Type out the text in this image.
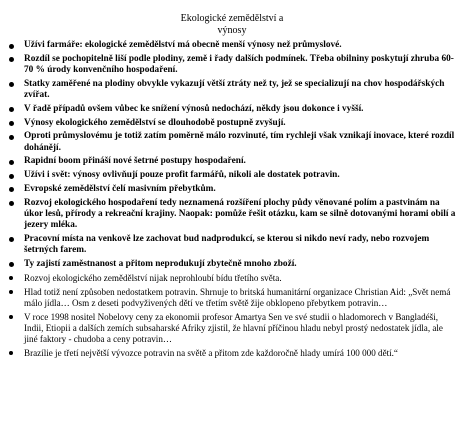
Ekologické zemědělství a
výnosy
Užívi farmáře: ekologické zemědělství má obecně menší výnosy než průmyslové.
Rozdíl se pochopitelně liší podle plodiny, země i řady dalších podmínek. Třeba obilniny poskytují zhruba 60-70 % úrody konvenčního hospodaření.
Statky zaměřené na plodiny obvykle vykazují větší ztráty než ty, jež se specializují na chov hospodářských zvířat.
V řadě případů ovšem vůbec ke snížení výnosů nedochází, někdy jsou dokonce i vyšší.
Výnosy ekologického zemědělství se dlouhodobě postupně zvyšují.
Oproti průmyslovému je totiž zatím poměrně málo rozvinuté, tím rychleji však vznikají inovace, které rozdíl dohánějí.
Rapidní boom přináší nové šetrné postupy hospodaření.
Užívi i svět: výnosy ovlivňují pouze profit farmářů, nikoli ale dostatek potravin.
Evropské zemědělství čelí masivním přebytkům.
Rozvoj ekologického hospodaření tedy neznamená rozšíření plochy půdy věnované polím a pastvinám na úkor lesů, přírody a rekreační krajiny. Naopak: pomůže řešit otázku, kam se silně dotovanými horami obilí a jezery mléka.
Pracovní místa na venkově lze zachovat bud nadprodukcí, se kterou si nikdo neví rady, nebo rozvojem šetrných farem.
Ty zajistí zaměstnanost a přitom neprodukují zbytečně mnoho zboží.
Rozvoj ekologického zemědělství nijak neprohloubí bídu třetího světa.
Hlad totiž není způsoben nedostatkem potravin. Shrnuje to britská humanitární organizace Christian Aid: „Svět nemá málo jídla… Osm z deseti podvyživených dětí ve třetím světě žije obklopeno přebytkem potravin…
V roce 1998 nositel Nobelovy ceny za ekonomii profesor Amartya Sen ve své studii o hladomorech v Bangladéši, Indii, Etiopii a dalších zemích subsaharské Afriky zjistil, že hlavní příčinou hladu nebyl prostý nedostatek jídla, ale jiné faktory - chudoba a ceny potravin…
Brazílie je třetí největší vývozce potravin na světě a přitom zde každoročně hlady umírá 100 000 dětí.“
